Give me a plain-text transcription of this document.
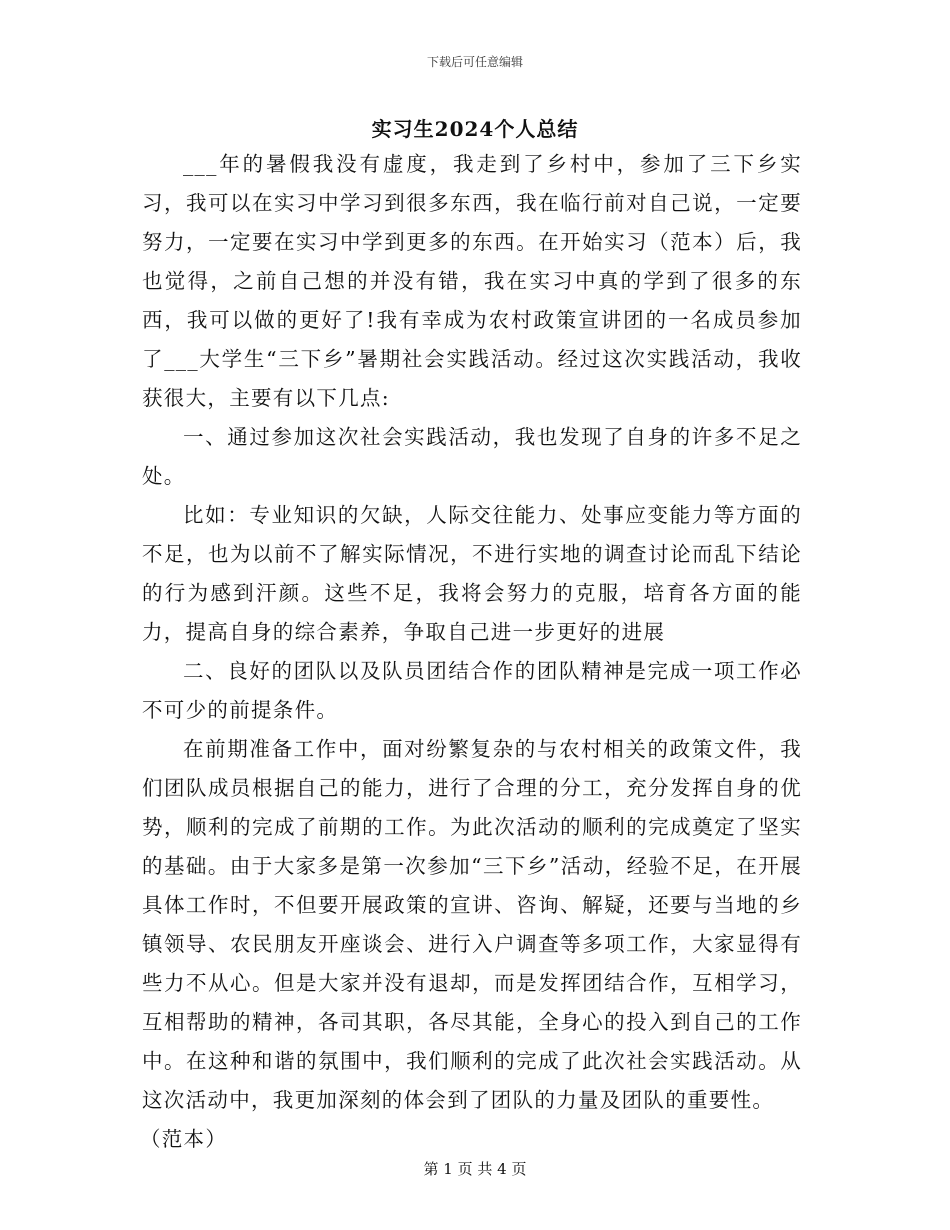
下载后可任意编辑
实习生2024个人总结

___年的暑假我没有虚度，我走到了乡村中，参加了三下乡实习，我可以在实习中学习到很多东西，我在临行前对自己说，一定要努力，一定要在实习中学到更多的东西。在开始实习（范本）后，我也觉得，之前自己想的并没有错，我在实习中真的学到了很多的东西，我可以做的更好了!我有幸成为农村政策宣讲团的一名成员参加了___大学生“三下乡”暑期社会实践活动。经过这次实践活动，我收获很大，主要有以下几点:

一、通过参加这次社会实践活动，我也发现了自身的许多不足之处。

比如：专业知识的欠缺，人际交往能力、处事应变能力等方面的不足，也为以前不了解实际情况，不进行实地的调查讨论而乱下结论的行为感到汗颜。这些不足，我将会努力的克服，培育各方面的能力，提高自身的综合素养，争取自己进一步更好的进展

二、良好的团队以及队员团结合作的团队精神是完成一项工作必不可少的前提条件。

在前期准备工作中，面对纷繁复杂的与农村相关的政策文件，我们团队成员根据自己的能力，进行了合理的分工，充分发挥自身的优势，顺利的完成了前期的工作。为此次活动的顺利的完成奠定了坚实的基础。由于大家多是第一次参加“三下乡”活动，经验不足，在开展具体工作时，不但要开展政策的宣讲、咨询、解疑，还要与当地的乡镇领导、农民朋友开座谈会、进行入户调查等多项工作，大家显得有些力不从心。但是大家并没有退却，而是发挥团结合作，互相学习，互相帮助的精神，各司其职，各尽其能，全身心的投入到自己的工作中。在这种和谐的氛围中，我们顺利的完成了此次社会实践活动。从这次活动中，我更加深刻的体会到了团队的力量及团队的重要性。

（范本）

第 1 页 共 4 页
